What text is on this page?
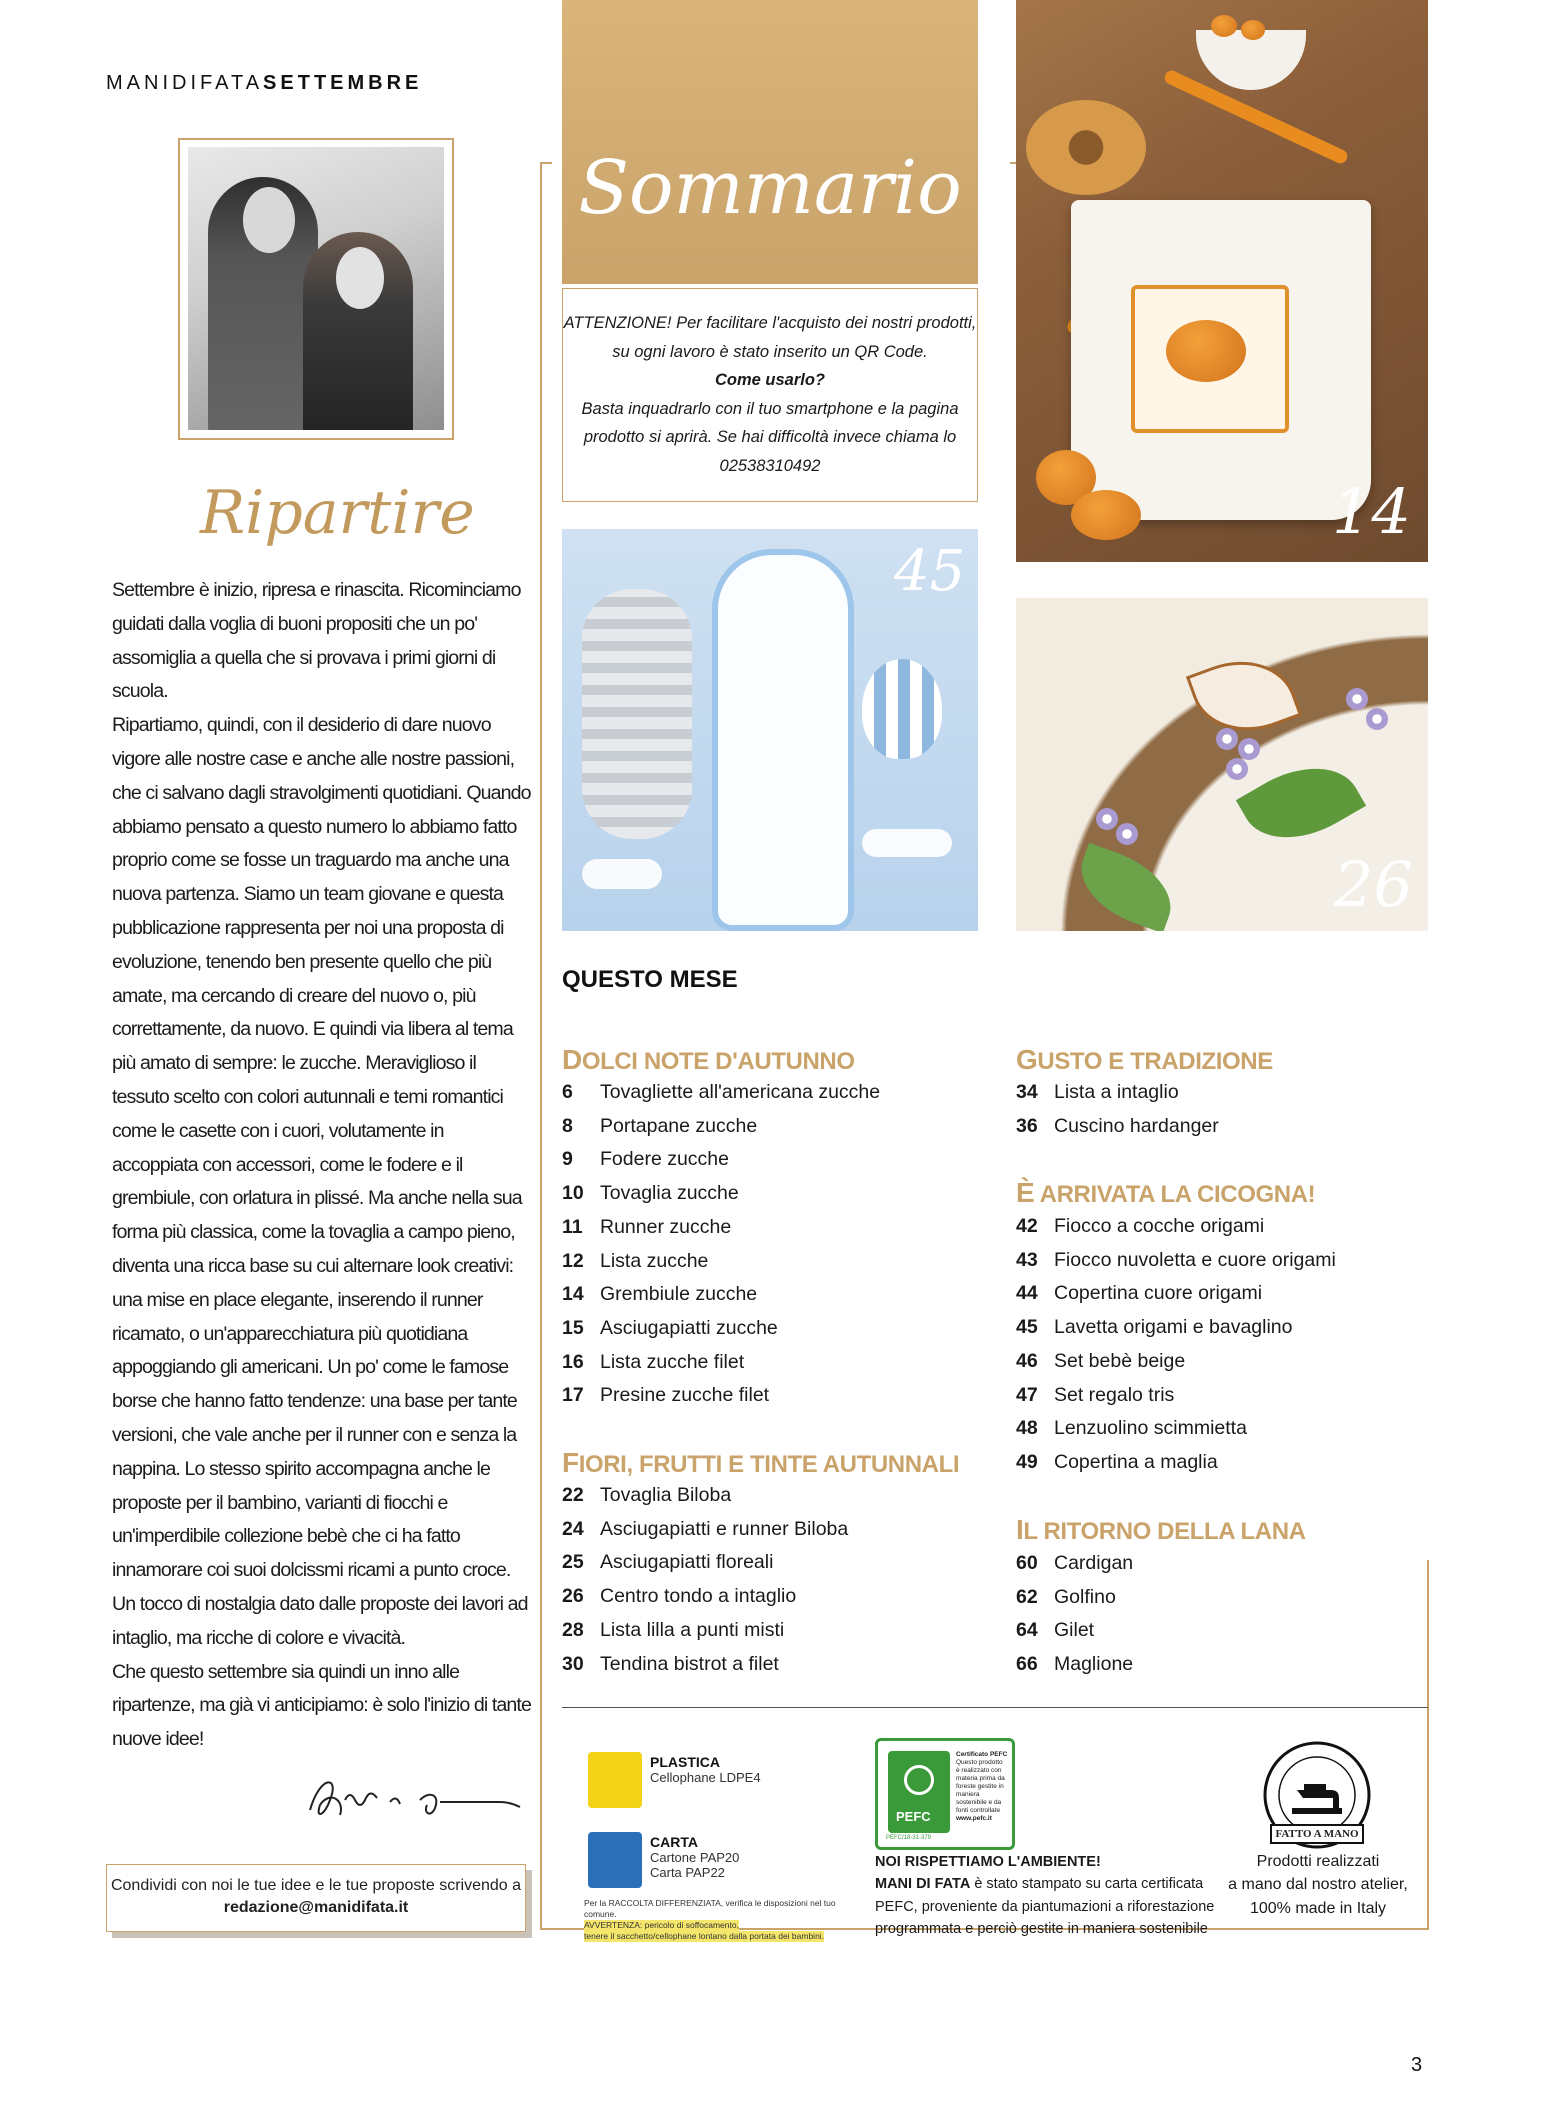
MANIDIFATASETTEMBRE
Ripartire

Settembre è inizio, ripresa e rinascita. Ricominciamo guidati dalla voglia di buoni propositi che un po' assomiglia a quella che si provava i primi giorni di scuola.

Ripartiamo, quindi, con il desiderio di dare nuovo vigore alle nostre case e anche alle nostre passioni, che ci salvano dagli stravolgimenti quotidiani. Quando abbiamo pensato a questo numero lo abbiamo fatto proprio come se fosse un traguardo ma anche una nuova partenza. Siamo un team giovane e questa pubblicazione rappresenta per noi una proposta di evoluzione, tenendo ben presente quello che più amate, ma cercando di creare del nuovo o, più correttamente, da nuovo. E quindi via libera al tema più amato di sempre: le zucche. Meraviglioso il tessuto scelto con colori autunnali e temi romantici come le casette con i cuori, volutamente in accoppiata con accessori, come le fodere e il grembiule, con orlatura in plissé. Ma anche nella sua forma più classica, come la tovaglia a campo pieno, diventa una ricca base su cui alternare look creativi: una mise en place elegante, inserendo il runner ricamato, o un'apparecchiatura più quotidiana appoggiando gli americani. Un po' come le famose borse che hanno fatto tendenze: una base per tante versioni, che vale anche per il runner con e senza la nappina. Lo stesso spirito accompagna anche le proposte per il bambino, varianti di fiocchi e un'imperdibile collezione bebè che ci ha fatto innamorare coi suoi dolcissmi ricami a punto croce. Un tocco di nostalgia dato dalle proposte dei lavori ad intaglio, ma ricche di colore e vivacità.

Che questo settembre sia quindi un inno alle ripartenze, ma già vi anticipiamo: è solo l'inizio di tante nuove idee!

Condividi con noi le tue idee e le tue proposte scrivendo a
redazione@manidifata.it
Sommario
ATTENZIONE! Per facilitare l'acquisto dei nostri prodotti, su ogni lavoro è stato inserito un QR Code.
Come usarlo?
Basta inquadrarlo con il tuo smartphone e la pagina prodotto si aprirà. Se hai difficoltà invece chiama lo 02538310492
14
45
26
QUESTO MESE
DOLCI NOTE D'AUTUNNO
6	Tovagliette all'americana zucche
8	Portapane zucche
9	Fodere zucche
10 Tovaglia zucche
11 Runner zucche
12 Lista zucche
14 Grembiule zucche
15 Asciugapiatti zucche
16 Lista zucche filet
17 Presine zucche filet
FIORI, FRUTTI E TINTE AUTUNNALI
22 Tovaglia Biloba
24 Asciugapiatti e runner Biloba
25 Asciugapiatti floreali
26 Centro tondo a intaglio
28 Lista lilla a punti misti
30 Tendina bistrot a filet
GUSTO E TRADIZIONE
34 Lista a intaglio
36 Cuscino hardanger
È ARRIVATA LA CICOGNA!
42 Fiocco a cocche origami
43 Fiocco nuvoletta e cuore origami
44 Copertina cuore origami
45 Lavetta origami e bavaglino
46 Set bebè beige
47 Set regalo tris
48 Lenzuolino scimmietta
49 Copertina a maglia
IL RITORNO DELLA LANA
60 Cardigan
62 Golfino
64 Gilet
66 Maglione
PLASTICA
Cellophane LDPE4
CARTA
Cartone PAP20
Carta PAP22
Per la RACCOLTA DIFFERENZIATA, verifica le disposizioni nel tuo comune.
AVVERTENZA: pericolo di soffocamento, tenere il sacchetto/cellophane lontano dalla portata dei bambini.
PEFC
Certificato PEFC
Questo prodotto è realizzato con materia prima da foreste gestite in maniera sostenibile e da fonti controllate
www.pefc.it
PEFC/18-31-379
NOI RISPETTIAMO L'AMBIENTE!
MANI DI FATA è stato stampato su carta certificata PEFC, proveniente da piantumazioni a riforestazione programmata e perciò gestite in maniera sostenibile
FATTO A MANO
Prodotti realizzati
a mano dal nostro atelier,
100% made in Italy
3
